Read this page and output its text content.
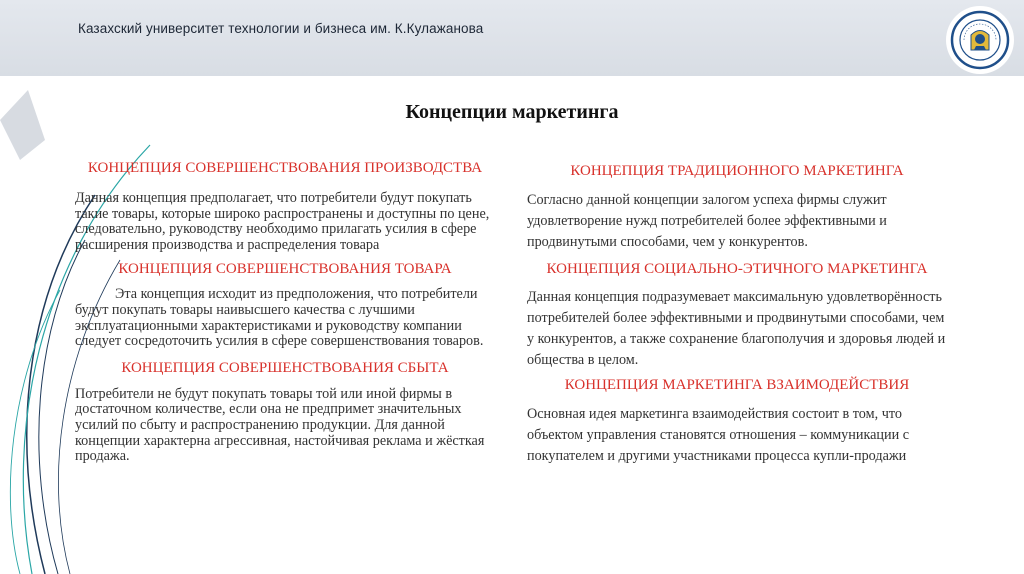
Казахский университет технологии и бизнеса им. К.Кулажанова
Концепции маркетинга

КОНЦЕПЦИЯ СОВЕРШЕНСТВОВАНИЯ ПРОИЗВОДСТВА

Данная концепция предполагает, что потребители будут покупать такие товары, которые широко распространены и доступны по цене, следовательно, руководству необходимо прилагать усилия в сфере расширения производства и распределения товара

КОНЦЕПЦИЯ СОВЕРШЕНСТВОВАНИЯ ТОВАРА

Эта концепция исходит из предположения, что потребители будут покупать товары наивысшего качества с лучшими эксплуатационными характеристиками и руководству компании следует сосредоточить усилия в сфере совершенствования товаров.

КОНЦЕПЦИЯ СОВЕРШЕНСТВОВАНИЯ СБЫТА

Потребители не будут покупать товары той или иной фирмы в достаточном количестве, если она не предпримет значительных усилий по сбыту и распространению продукции. Для данной концепции характерна агрессивная, настойчивая реклама и жёсткая продажа.

КОНЦЕПЦИЯ ТРАДИЦИОННОГО МАРКЕТИНГА

Согласно данной концепции залогом успеха фирмы служит удовлетворение нужд потребителей более эффективными и продвинутыми способами, чем у конкурентов.

КОНЦЕПЦИЯ СОЦИАЛЬНО-ЭТИЧНОГО МАРКЕТИНГА

Данная концепция подразумевает максимальную удовлетворённость потребителей более эффективными и продвинутыми способами, чем у конкурентов, а также сохранение благополучия и здоровья людей и общества в целом.

КОНЦЕПЦИЯ МАРКЕТИНГА ВЗАИМОДЕЙСТВИЯ

Основная идея маркетинга взаимодействия состоит в том, что объектом управления становятся отношения – коммуникации с покупателем и другими участниками процесса купли-продажи
